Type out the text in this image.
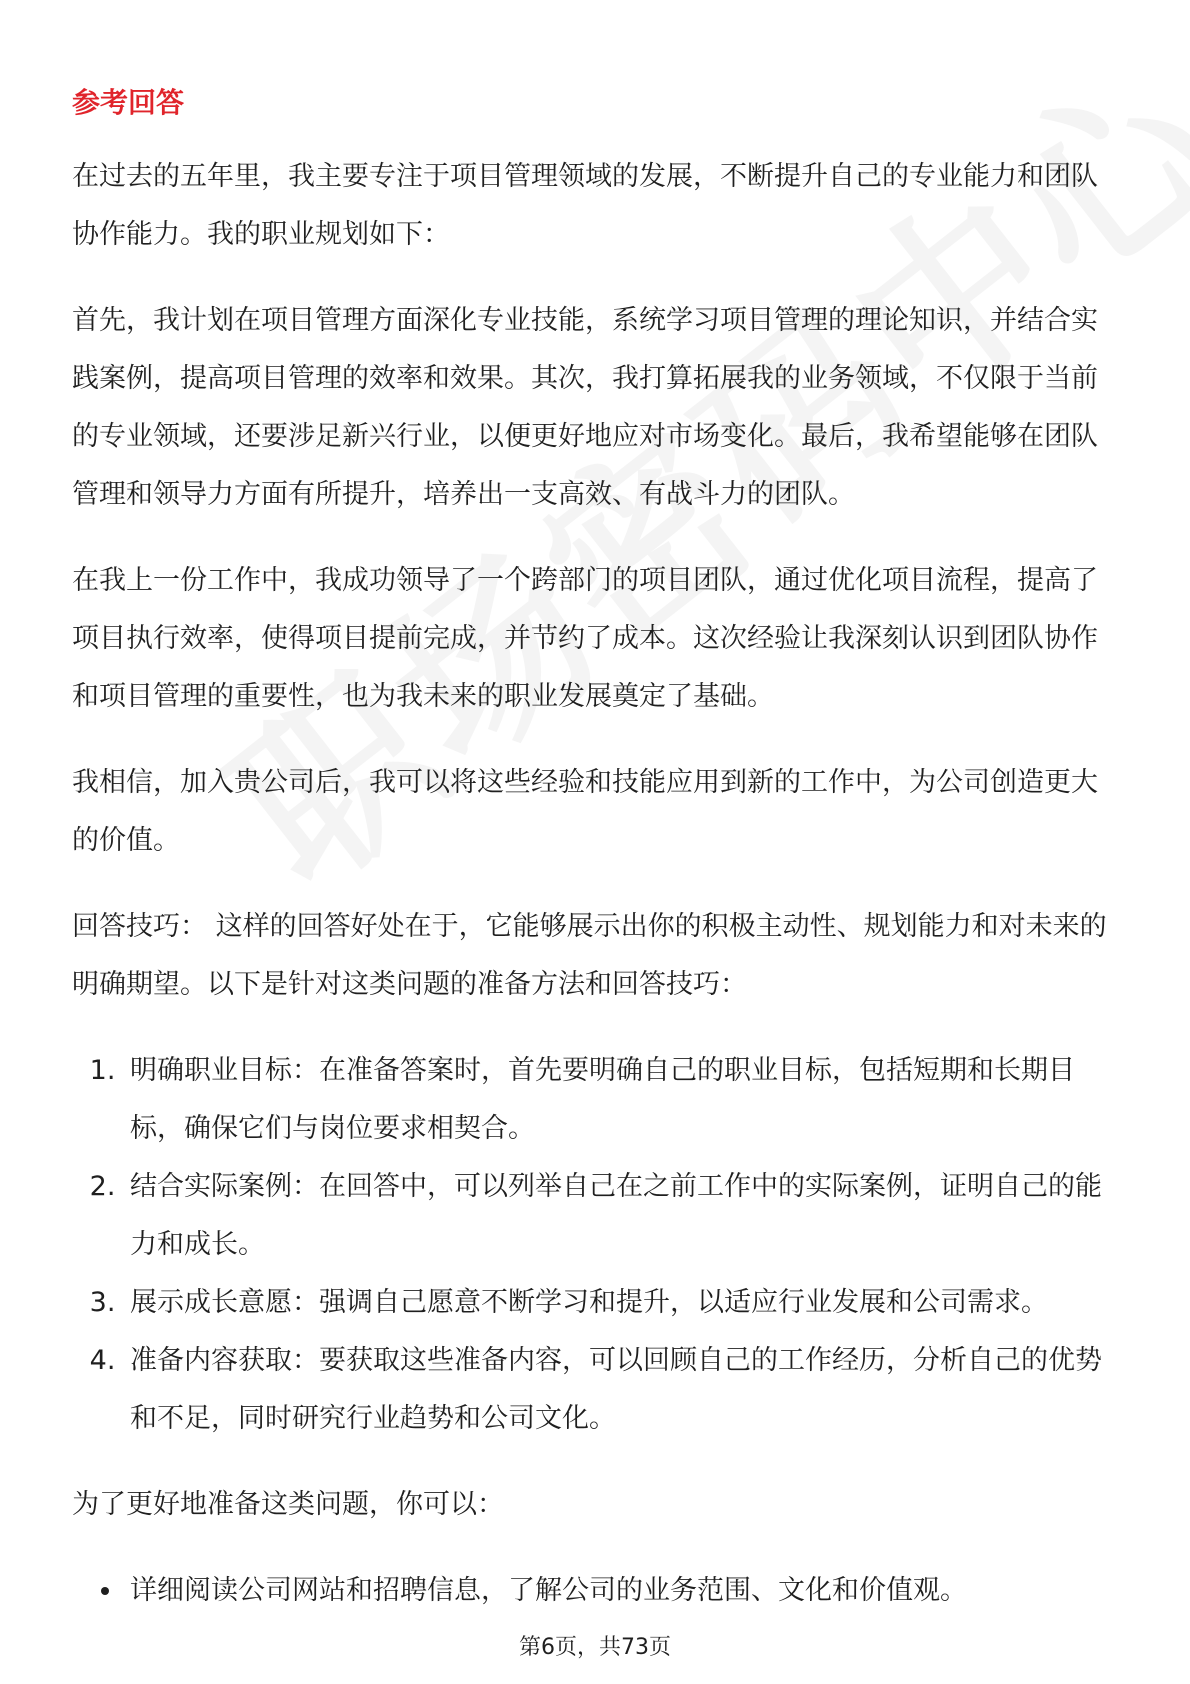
参考回答

在过去的五年里，我主要专注于项目管理领域的发展，不断提升自己的专业能力和团队协作能力。我的职业规划如下：

首先，我计划在项目管理方面深化专业技能，系统学习项目管理的理论知识，并结合实践案例，提高项目管理的效率和效果。其次，我打算拓展我的业务领域，不仅限于当前的专业领域，还要涉足新兴行业，以便更好地应对市场变化。最后，我希望能够在团队管理和领导力方面有所提升，培养出一支高效、有战斗力的团队。

在我上一份工作中，我成功领导了一个跨部门的项目团队，通过优化项目流程，提高了项目执行效率，使得项目提前完成，并节约了成本。这次经验让我深刻认识到团队协作和项目管理的重要性，也为我未来的职业发展奠定了基础。

我相信，加入贵公司后，我可以将这些经验和技能应用到新的工作中，为公司创造更大的价值。

回答技巧： 这样的回答好处在于，它能够展示出你的积极主动性、规划能力和对未来的明确期望。以下是针对这类问题的准备方法和回答技巧：

1. 明确职业目标：在准备答案时，首先要明确自己的职业目标，包括短期和长期目标，确保它们与岗位要求相契合。
2. 结合实际案例：在回答中，可以列举自己在之前工作中的实际案例，证明自己的能力和成长。
3. 展示成长意愿：强调自己愿意不断学习和提升，以适应行业发展和公司需求。
4. 准备内容获取：要获取这些准备内容，可以回顾自己的工作经历，分析自己的优势和不足，同时研究行业趋势和公司文化。

为了更好地准备这类问题，你可以：

• 详细阅读公司网站和招聘信息，了解公司的业务范围、文化和价值观。
第6页，共73页
